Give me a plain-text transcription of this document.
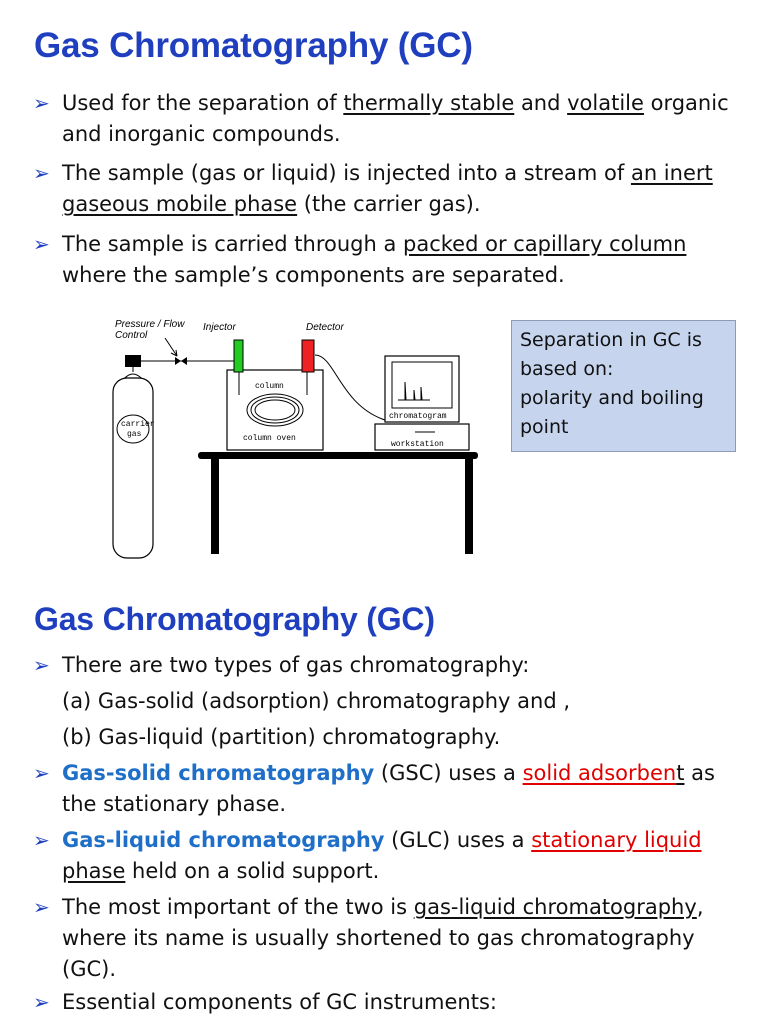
Gas Chromatography (GC)
➢ Used for the separation of thermally stable and volatile organic and inorganic compounds.
➢ The sample (gas or liquid) is injected into a stream of an inert gaseous mobile phase (the carrier gas).
➢ The sample is carried through a packed or capillary column where the sample’s components are separated.
Pressure / Flow
Control
Injector	Detector
carrier
gas
column
column oven
chromatogram
workstation

Separation in GC is based on:

polarity and boiling point

Gas Chromatography (GC)
➢ There are two types of gas chromatography:
(a) Gas-solid (adsorption) chromatography and ,
(b) Gas-liquid (partition) chromatography.
➢ Gas-solid chromatography (GSC) uses a solid adsorbent as the stationary phase.
➢ Gas-liquid chromatography (GLC) uses a stationary liquid phase held on a solid support.
➢ The most important of the two is gas-liquid chromatography, where its name is usually shortened to gas chromatography (GC).
➢ Essential components of GC instruments:
